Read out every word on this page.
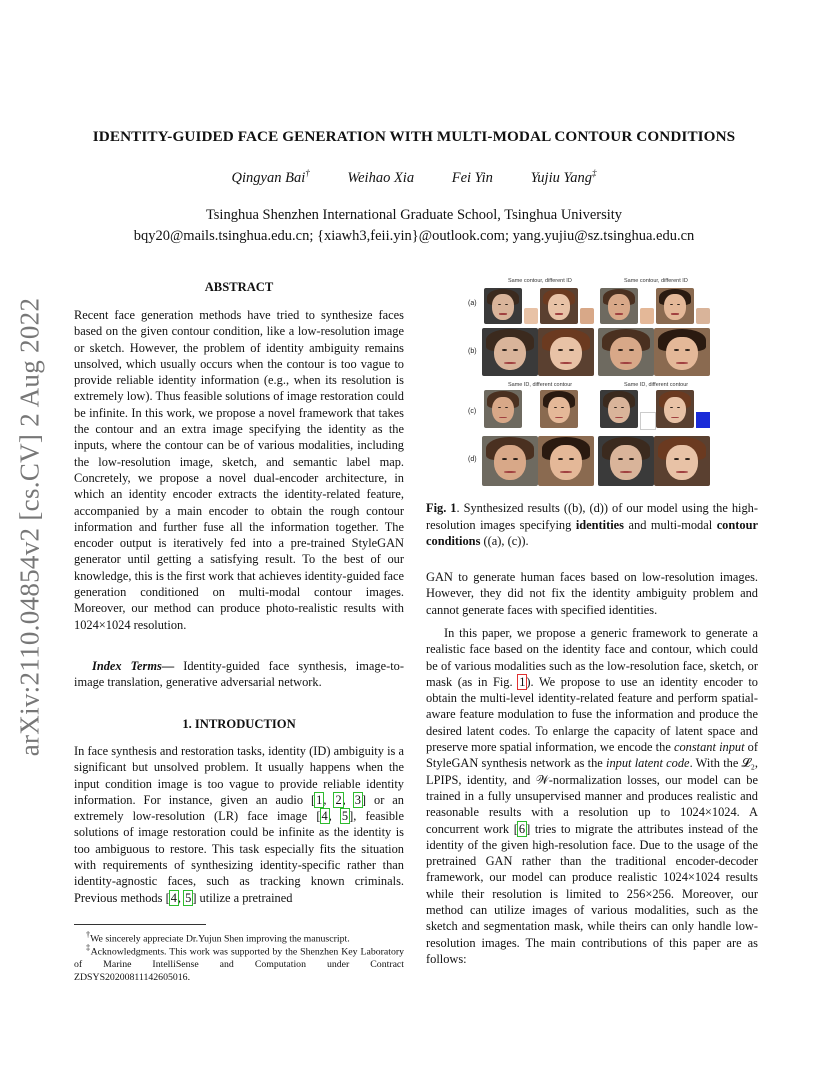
arXiv:2110.04854v2 [cs.CV] 2 Aug 2022
IDENTITY-GUIDED FACE GENERATION WITH MULTI-MODAL CONTOUR CONDITIONS
Qingyan Bai†	Weihao Xia	Fei Yin	Yujiu Yang‡
Tsinghua Shenzhen International Graduate School, Tsinghua University
bqy20@mails.tsinghua.edu.cn; {xiawh3,feii.yin}@outlook.com; yang.yujiu@sz.tsinghua.edu.cn
ABSTRACT
Recent face generation methods have tried to synthesize faces based on the given contour condition, like a low-resolution image or sketch. However, the problem of identity ambiguity remains unsolved, which usually occurs when the contour is too vague to provide reliable identity information (e.g., when its resolution is extremely low). Thus feasible solutions of image restoration could be infinite. In this work, we propose a novel framework that takes the contour and an extra image specifying the identity as the inputs, where the contour can be of various modalities, including the low-resolution image, sketch, and semantic label map. Concretely, we propose a novel dual-encoder architecture, in which an identity encoder extracts the identity-related feature, accompanied by a main encoder to obtain the rough contour information and further fuse all the information together. The encoder output is iteratively fed into a pre-trained StyleGAN generator until getting a satisfying result. To the best of our knowledge, this is the first work that achieves identity-guided face generation conditioned on multi-modal contour images. Moreover, our method can produce photo-realistic results with 1024×1024 resolution.
Index Terms— Identity-guided face synthesis, image-to-image translation, generative adversarial network.
1. INTRODUCTION
In face synthesis and restoration tasks, identity (ID) ambiguity is a significant but unsolved problem. It usually happens when the input condition image is too vague to provide reliable identity information. For instance, given an audio [1, 2, 3] or an extremely low-resolution (LR) face image [4, 5], feasible solutions of image restoration could be infinite as the identity is too ambiguous to restore. This task especially fits the situation with requirements of synthesizing identity-specific rather than identity-agnostic faces, such as tracking known criminals. Previous methods [4, 5] utilize a pretrained
†We sincerely appreciate Dr.Yujun Shen improving the manuscript.
‡Acknowledgments. This work was supported by the Shenzhen Key Laboratory of Marine IntelliSense and Computation under Contract ZDSYS20200811142605016.
Same contour, different ID	Same contour, different ID
Same ID, different contour	Same ID, different contour
(a)
(b)
(c)
(d)
Fig. 1. Synthesized results ((b), (d)) of our model using the high-resolution images specifying identities and multi-modal contour conditions ((a), (c)).
GAN to generate human faces based on low-resolution images. However, they did not fix the identity ambiguity problem and cannot generate faces with specified identities.
In this paper, we propose a generic framework to generate a realistic face based on the identity face and contour, which could be of various modalities such as the low-resolution face, sketch, or mask (as in Fig. 1). We propose to use an identity encoder to obtain the multi-level identity-related feature and perform spatial-aware feature modulation to fuse the information and produce the desired latent codes. To enlarge the capacity of latent space and preserve more spatial information, we encode the constant input of StyleGAN synthesis network as the input latent code. With the 𝓛₂, LPIPS, identity, and 𝒲-normalization losses, our model can be trained in a fully unsupervised manner and produces realistic and reasonable results with a resolution up to 1024×1024. A concurrent work [6] tries to migrate the attributes instead of the identity of the given high-resolution face. Due to the usage of the pretrained GAN rather than the traditional encoder-decoder framework, our model can produce realistic 1024×1024 results while their resolution is limited to 256×256. Moreover, our method can utilize images of various modalities, such as the sketch and segmentation mask, while theirs can only handle low-resolution images. The main contributions of this paper are as follows:
